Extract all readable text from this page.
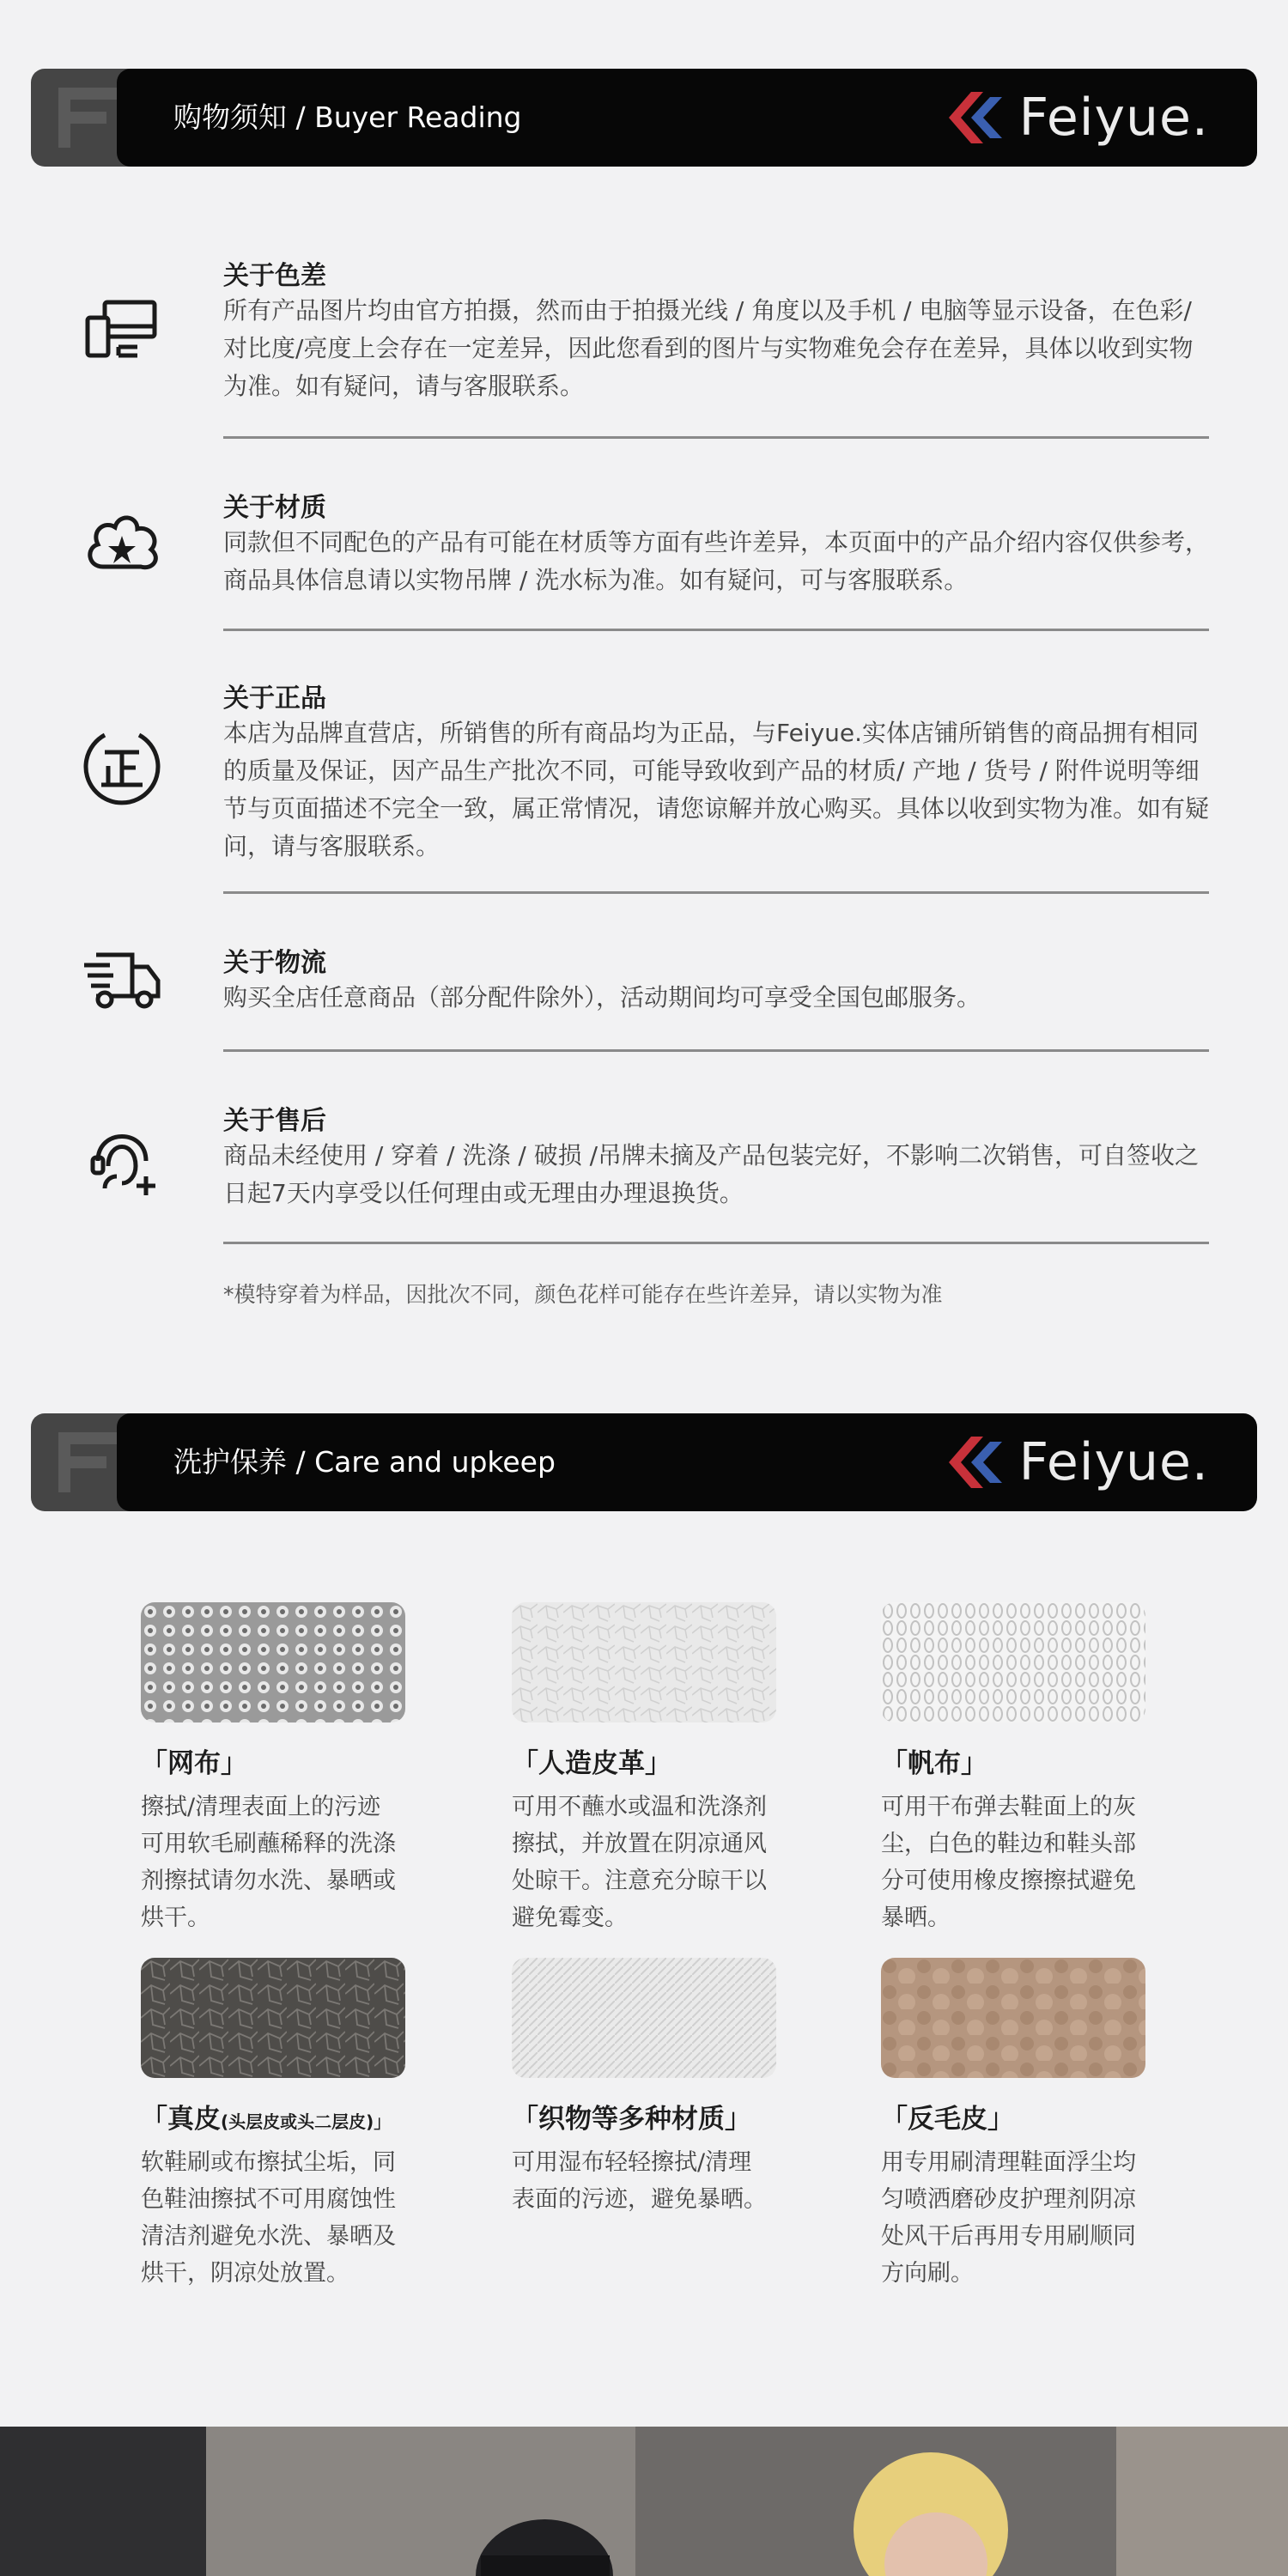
购物须知 / Buyer Reading	Feiyue.
关于色差
所有产品图片均由官方拍摄，然而由于拍摄光线 / 角度以及手机 / 电脑等显示设备，在色彩/对比度/亮度上会存在一定差异，因此您看到的图片与实物难免会存在差异，具体以收到实物为准。如有疑问，请与客服联系。
关于材质
同款但不同配色的产品有可能在材质等方面有些许差异，本页面中的产品介绍内容仅供参考，商品具体信息请以实物吊牌 / 洗水标为准。如有疑问，可与客服联系。
关于正品
本店为品牌直营店，所销售的所有商品均为正品，与Feiyue.实体店铺所销售的商品拥有相同的质量及保证，因产品生产批次不同，可能导致收到产品的材质/ 产地 / 货号 / 附件说明等细节与页面描述不完全一致，属正常情况，请您谅解并放心购买。具体以收到实物为准。如有疑问，请与客服联系。
关于物流
购买全店任意商品（部分配件除外），活动期间均可享受全国包邮服务。
关于售后
商品未经使用 / 穿着 / 洗涤 / 破损 /吊牌未摘及产品包装完好，不影响二次销售，可自签收之日起7天内享受以任何理由或无理由办理退换货。
*模特穿着为样品，因批次不同，颜色花样可能存在些许差异，请以实物为准
洗护保养 / Care and upkeep	Feiyue.
「网布」
擦拭/清理表面上的污迹可用软毛刷蘸稀释的洗涤剂擦拭请勿水洗、暴晒或烘干。
「人造皮革」
可用不蘸水或温和洗涤剂擦拭，并放置在阴凉通风处晾干。注意充分晾干以避免霉变。
「帆布」
可用干布弹去鞋面上的灰尘，白色的鞋边和鞋头部分可使用橡皮擦擦拭避免暴晒。
「真皮(头层皮或头二层皮)」
软鞋刷或布擦拭尘垢，同色鞋油擦拭不可用腐蚀性清洁剂避免水洗、暴晒及烘干，阴凉处放置。
「织物等多种材质」
可用湿布轻轻擦拭/清理表面的污迹，避免暴晒。
「反毛皮」
用专用刷清理鞋面浮尘均匀喷洒磨砂皮护理剂阴凉处风干后再用专用刷顺同方向刷。
